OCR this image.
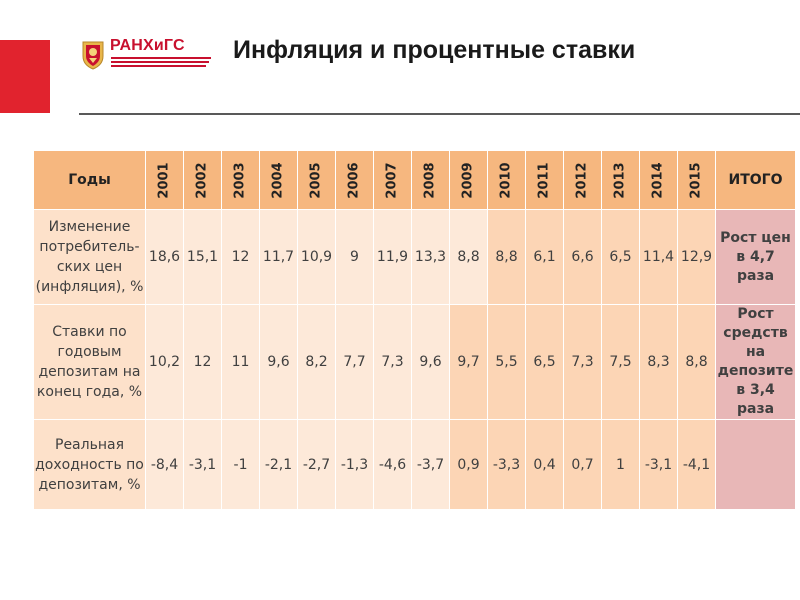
РАНХиГС Инфляция и процентные ставки
Годы	2001	2002	2003	2004	2005	2006	2007	2008	2009	2010	2011	2012	2013	2014	2015	ИТОГО
Изменение потребитель-ских цен (инфляция), %	18,6	15,1	12	11,7	10,9	9	11,9	13,3	8,8	8,8	6,1	6,6	6,5	11,4	12,9	Рост цен в 4,7 раза
Ставки по годовым депозитам на конец года, %	10,2	12	11	9,6	8,2	7,7	7,3	9,6	9,7	5,5	6,5	7,3	7,5	8,3	8,8	Рост средств на депозите в 3,4 раза
Реальная доходность по депозитам, %	-8,4	-3,1	-1	-2,1	-2,7	-1,3	-4,6	-3,7	0,9	-3,3	0,4	0,7	1	-3,1	-4,1	
